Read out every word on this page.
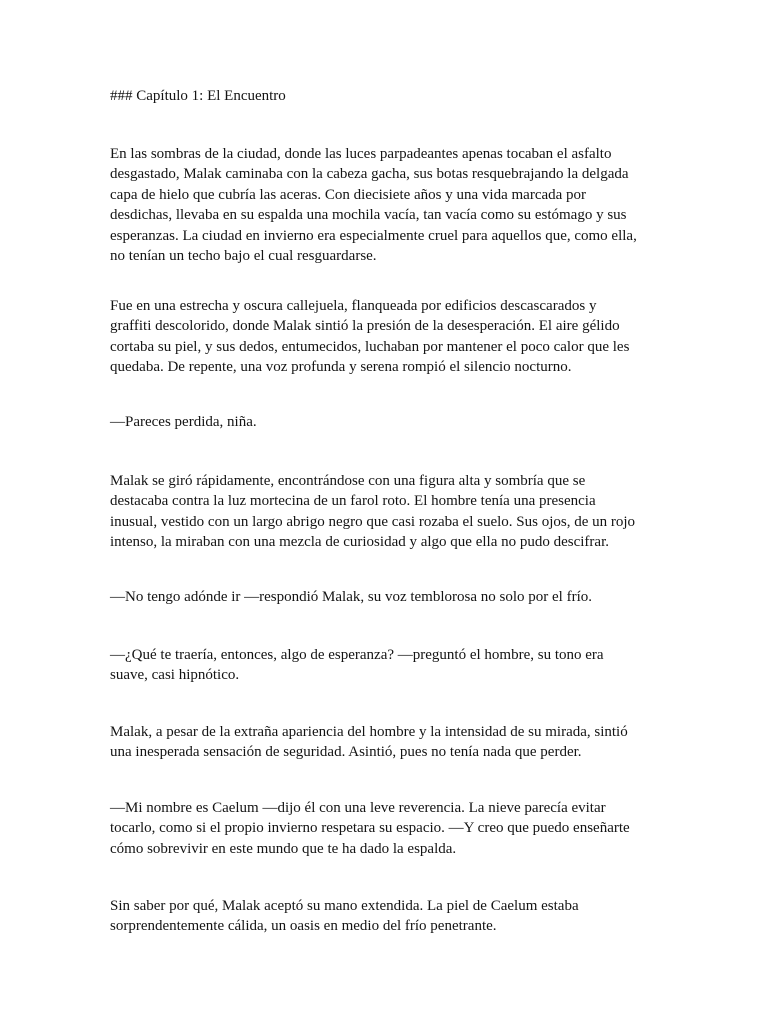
### Capítulo 1: El Encuentro

En las sombras de la ciudad, donde las luces parpadeantes apenas tocaban el asfalto
desgastado, Malak caminaba con la cabeza gacha, sus botas resquebrajando la delgada
capa de hielo que cubría las aceras. Con diecisiete años y una vida marcada por
desdichas, llevaba en su espalda una mochila vacía, tan vacía como su estómago y sus
esperanzas. La ciudad en invierno era especialmente cruel para aquellos que, como ella,
no tenían un techo bajo el cual resguardarse.

Fue en una estrecha y oscura callejuela, flanqueada por edificios descascarados y
graffiti descolorido, donde Malak sintió la presión de la desesperación. El aire gélido
cortaba su piel, y sus dedos, entumecidos, luchaban por mantener el poco calor que les
quedaba. De repente, una voz profunda y serena rompió el silencio nocturno.

—Pareces perdida, niña.

Malak se giró rápidamente, encontrándose con una figura alta y sombría que se
destacaba contra la luz mortecina de un farol roto. El hombre tenía una presencia
inusual, vestido con un largo abrigo negro que casi rozaba el suelo. Sus ojos, de un rojo
intenso, la miraban con una mezcla de curiosidad y algo que ella no pudo descifrar.

—No tengo adónde ir —respondió Malak, su voz temblorosa no solo por el frío.

—¿Qué te traería, entonces, algo de esperanza? —preguntó el hombre, su tono era
suave, casi hipnótico.

Malak, a pesar de la extraña apariencia del hombre y la intensidad de su mirada, sintió
una inesperada sensación de seguridad. Asintió, pues no tenía nada que perder.

—Mi nombre es Caelum —dijo él con una leve reverencia. La nieve parecía evitar
tocarlo, como si el propio invierno respetara su espacio. —Y creo que puedo enseñarte
cómo sobrevivir en este mundo que te ha dado la espalda.

Sin saber por qué, Malak aceptó su mano extendida. La piel de Caelum estaba
sorprendentemente cálida, un oasis en medio del frío penetrante.
